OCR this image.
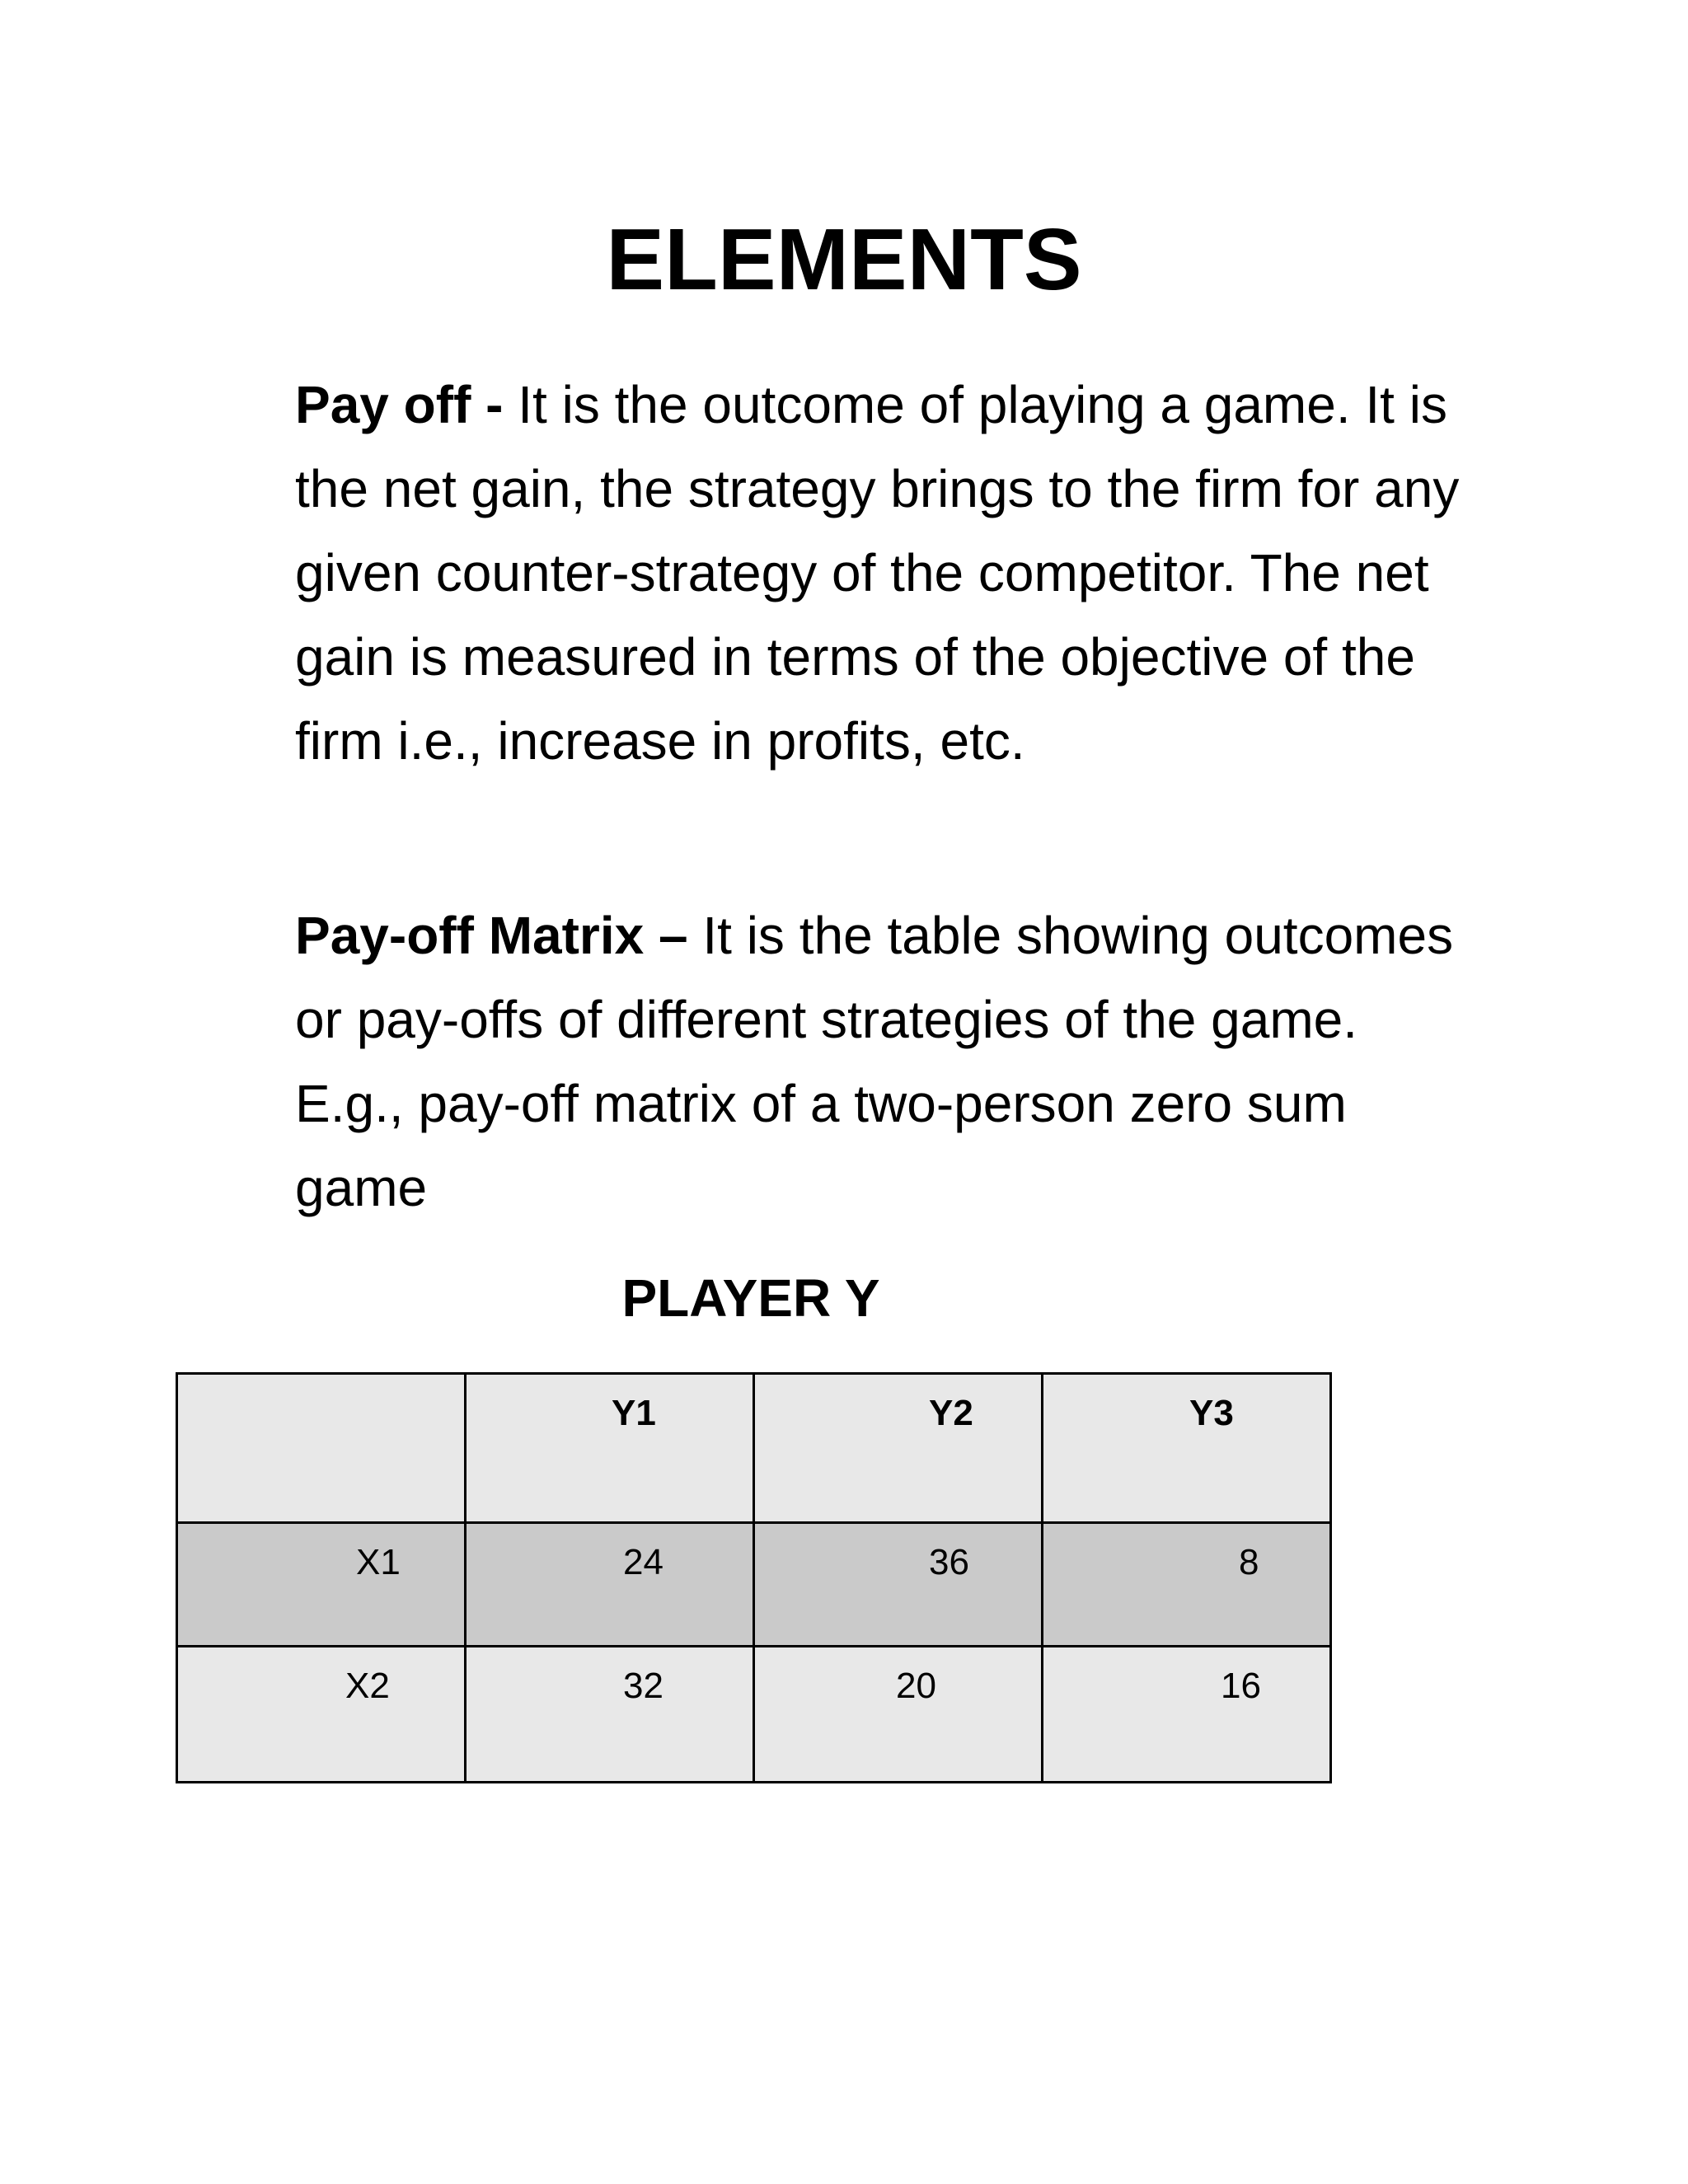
ELEMENTS

Pay off - It is the outcome of playing a game. It is the net gain, the strategy brings to the firm for any given counter-strategy of the competitor. The net gain is measured in terms of the objective of the firm i.e., increase in profits, etc.

Pay-off Matrix – It is the table showing outcomes or pay-offs of different strategies of the game. E.g., pay-off matrix of a two-person zero sum game

PLAYER Y

	Y1	Y2	Y3

X1	24	36	8

X2	32	20	16
